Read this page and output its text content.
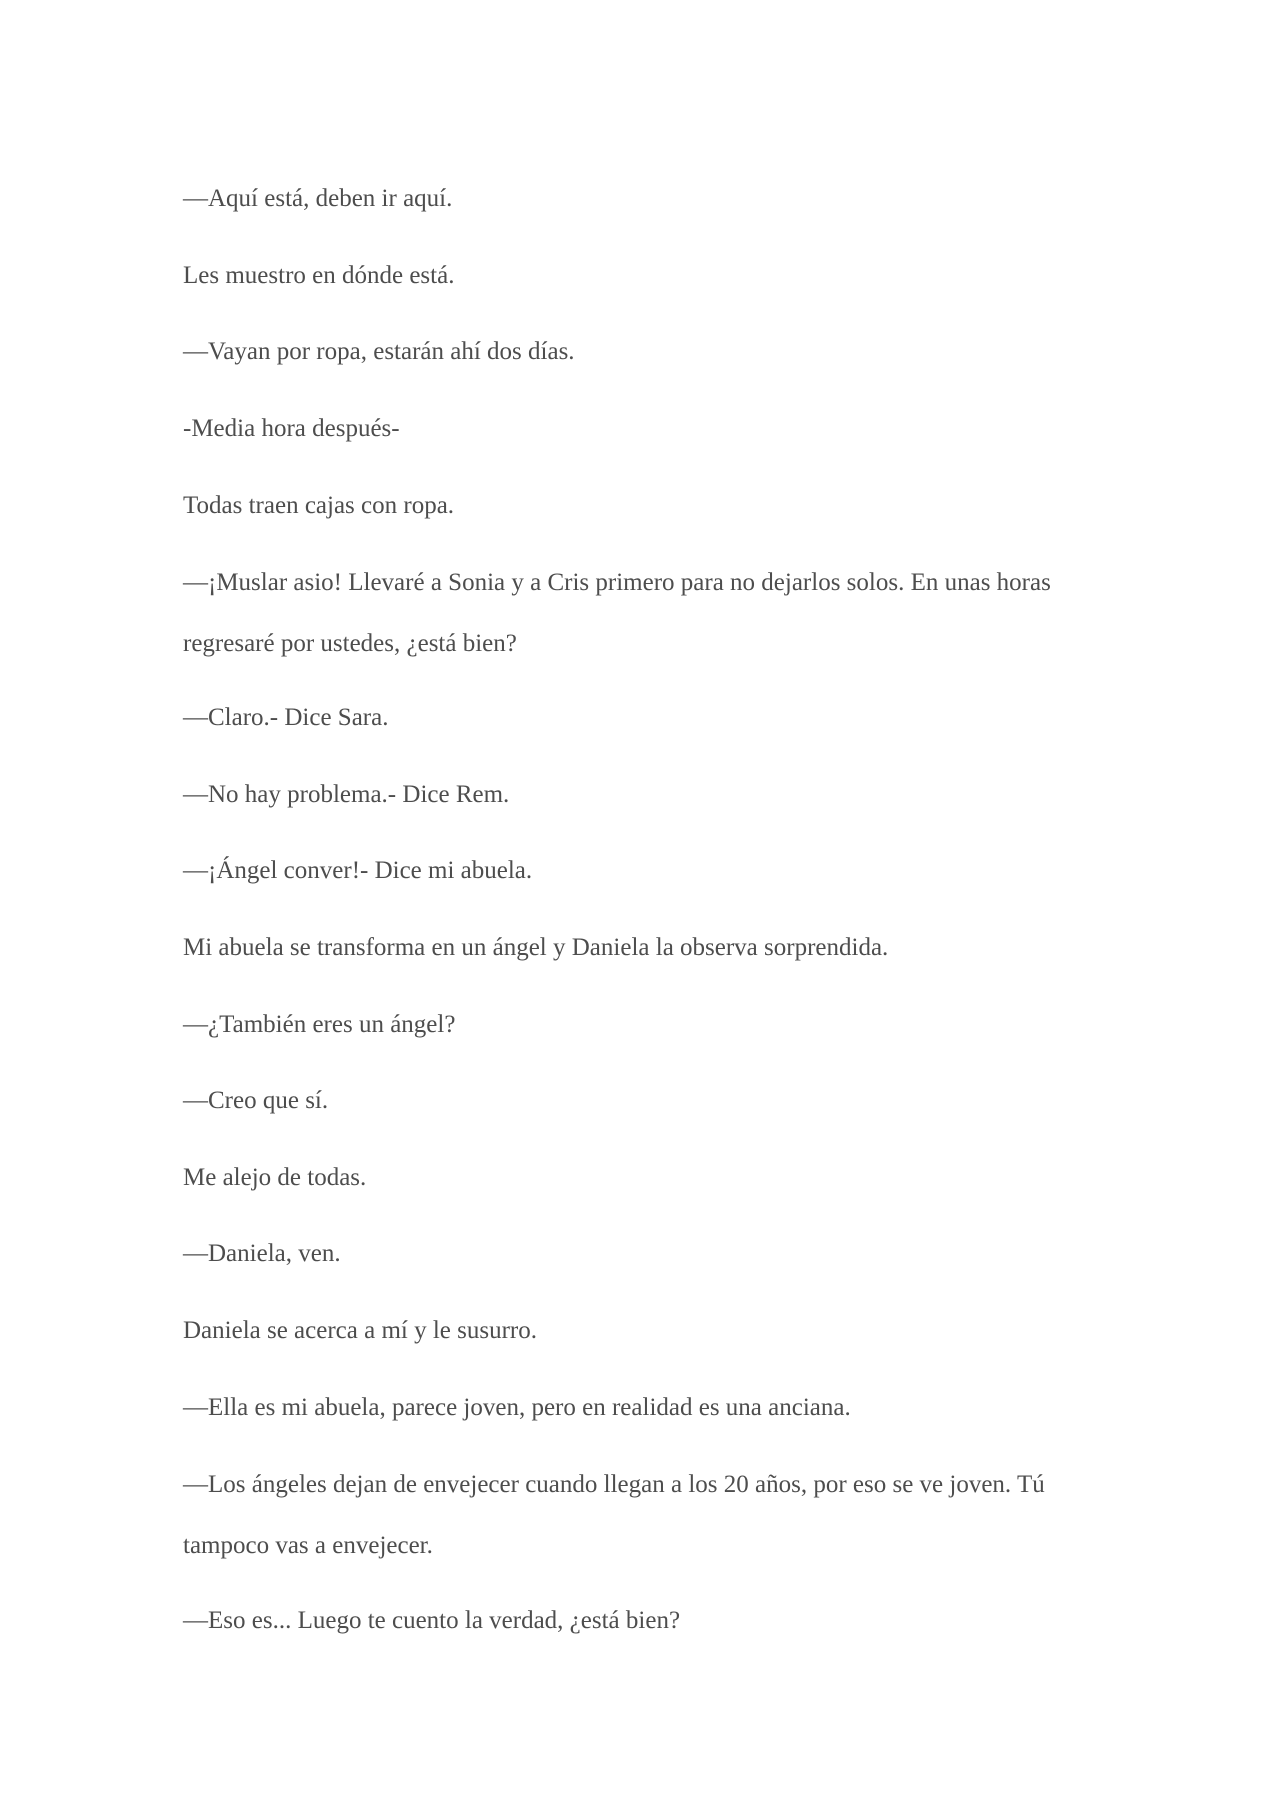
—Aquí está, deben ir aquí.

Les muestro en dónde está.

—Vayan por ropa, estarán ahí dos días.

-Media hora después-

Todas traen cajas con ropa.

—¡Muslar asio! Llevaré a Sonia y a Cris primero para no dejarlos solos. En unas horas regresaré por ustedes, ¿está bien?

—Claro.- Dice Sara.

—No hay problema.- Dice Rem.

—¡Ángel conver!- Dice mi abuela.

Mi abuela se transforma en un ángel y Daniela la observa sorprendida.

—¿También eres un ángel?

—Creo que sí.

Me alejo de todas.

—Daniela, ven.

Daniela se acerca a mí y le susurro.

—Ella es mi abuela, parece joven, pero en realidad es una anciana.

—Los ángeles dejan de envejecer cuando llegan a los 20 años, por eso se ve joven. Tú tampoco vas a envejecer.

—Eso es... Luego te cuento la verdad, ¿está bien?
